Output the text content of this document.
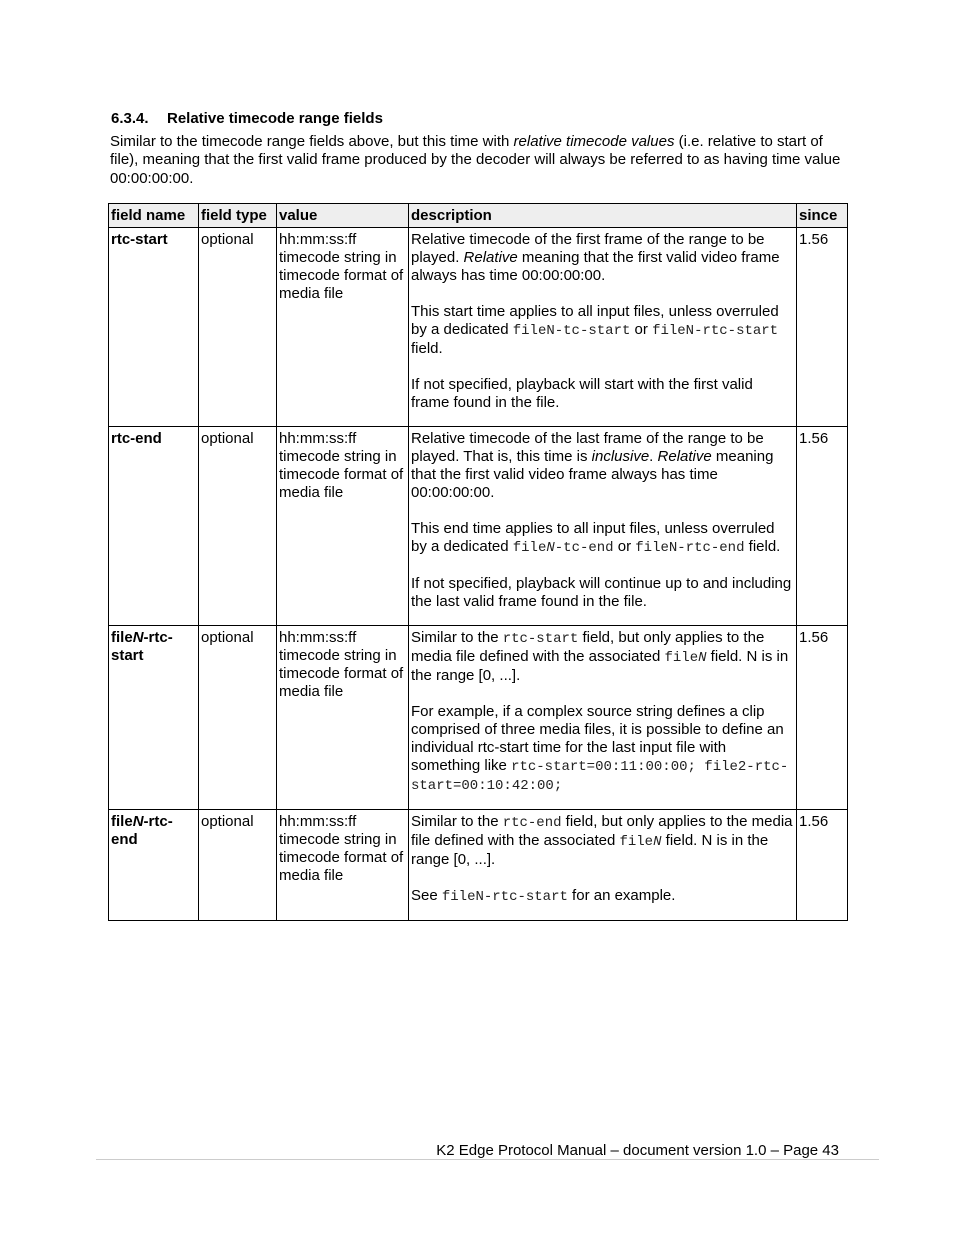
6.3.4. Relative timecode range fields
Similar to the timecode range fields above, but this time with relative timecode values (i.e. relative to start of file), meaning that the first valid frame produced by the decoder will always be referred to as having time value 00:00:00:00.
field name	field type	value	description	since
rtc-start	optional	hh:mm:ss:ff timecode string in timecode format of media file	Relative timecode of the first frame of the range to be played. Relative meaning that the first valid video frame always has time 00:00:00:00.
This start time applies to all input files, unless overruled by a dedicated fileN-tc-start or fileN-rtc-start field.
If not specified, playback will start with the first valid frame found in the file.	1.56
rtc-end	optional	hh:mm:ss:ff timecode string in timecode format of media file	Relative timecode of the last frame of the range to be played. That is, this time is inclusive. Relative meaning that the first valid video frame always has time 00:00:00:00.
This end time applies to all input files, unless overruled by a dedicated fileN-tc-end or fileN-rtc-end field.
If not specified, playback will continue up to and including the last valid frame found in the file.	1.56
fileN-rtc-start	optional	hh:mm:ss:ff timecode string in timecode format of media file	Similar to the rtc-start field, but only applies to the media file defined with the associated fileN field. N is in the range [0, ...].
For example, if a complex source string defines a clip comprised of three media files, it is possible to define an individual rtc-start time for the last input file with something like rtc-start=00:11:00:00; file2-rtc-start=00:10:42:00;	1.56
fileN-rtc-end	optional	hh:mm:ss:ff timecode string in timecode format of media file	Similar to the rtc-end field, but only applies to the media file defined with the associated fileN field. N is in the range [0, ...].
See fileN-rtc-start for an example.	1.56
K2 Edge Protocol Manual – document version 1.0 – Page 43
